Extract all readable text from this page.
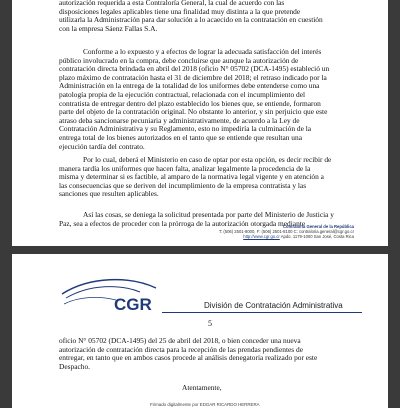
autorización requerida a esta Contraloría General, la cual de acuerdo con las
disposiciones legales aplicables tiene una finalidad muy distinta a la que pretende
utilizarla la Administración para dar solución a lo acaecido en la contratación en cuestión
con la empresa Sáenz Fallas S.A.
Conforme a lo expuesto y a efectos de lograr la adecuada satisfacción del interés
público involucrado en la compra, debe concluirse que aunque la autorización de
contratación directa brindada en abril del 2018 (oficio N° 05702 (DCA-1495) estableció un
plazo máximo de contratación hasta el 31 de diciembre del 2018; el retraso indicado por la
Administración en la entrega de la totalidad de los uniformes debe entenderse como una
patología propia de la ejecución contractual, relacionada con el incumplimiento del
contratista de entregar dentro del plazo establecido los bienes que, se entiende, formaron
parte del objeto de la contratación original. No obstante lo anterior, y sin perjuicio que este
atraso deba sancionarse pecuniaria y administrativamente, de acuerdo a la Ley de
Contratación Administrativa y su Reglamento, esto no impediría la culminación de la
entrega total de los bienes autorizados en el tanto que se entiende que resultan una
ejecución tardía del contrato.
Por lo cual, deberá el Ministerio en caso de optar por esta opción, es decir recibir de
manera tardía los uniformes que hacen falta, analizar legalmente la procedencia de la
misma y determinar si es factible, al amparo de la normativa legal vigente y en atención a
las consecuencias que se deriven del incumplimiento de la empresa contratista y las
sanciones que resulten aplicables.
Así las cosas, se deniega la solicitud presentada por parte del Ministerio de Justicia y
Paz, sea a efectos de proceder con la prórroga de la autorización otorgada mediante
Contraloría General de la República
T: (506) 2501-8000, F: (506) 2501-8100 C: contraloria.general@cgr.go.cr
http://www.cgr.go.cr Apdo. 1179-1000 San José, Costa Rica
CGR	División de Contratación Administrativa
5
oficio N° 05702 (DCA-1495) del 25 de abril del 2018, o bien conceder una nueva
autorización de contratación directa para la recepción de las prendas pendientes de
entregar, en tanto que en ambos casos procede al análisis denegatoria realizado por este
Despacho.
Atentamente,
Firmado digitalmente por EDGAR RICARDO HERRERA
